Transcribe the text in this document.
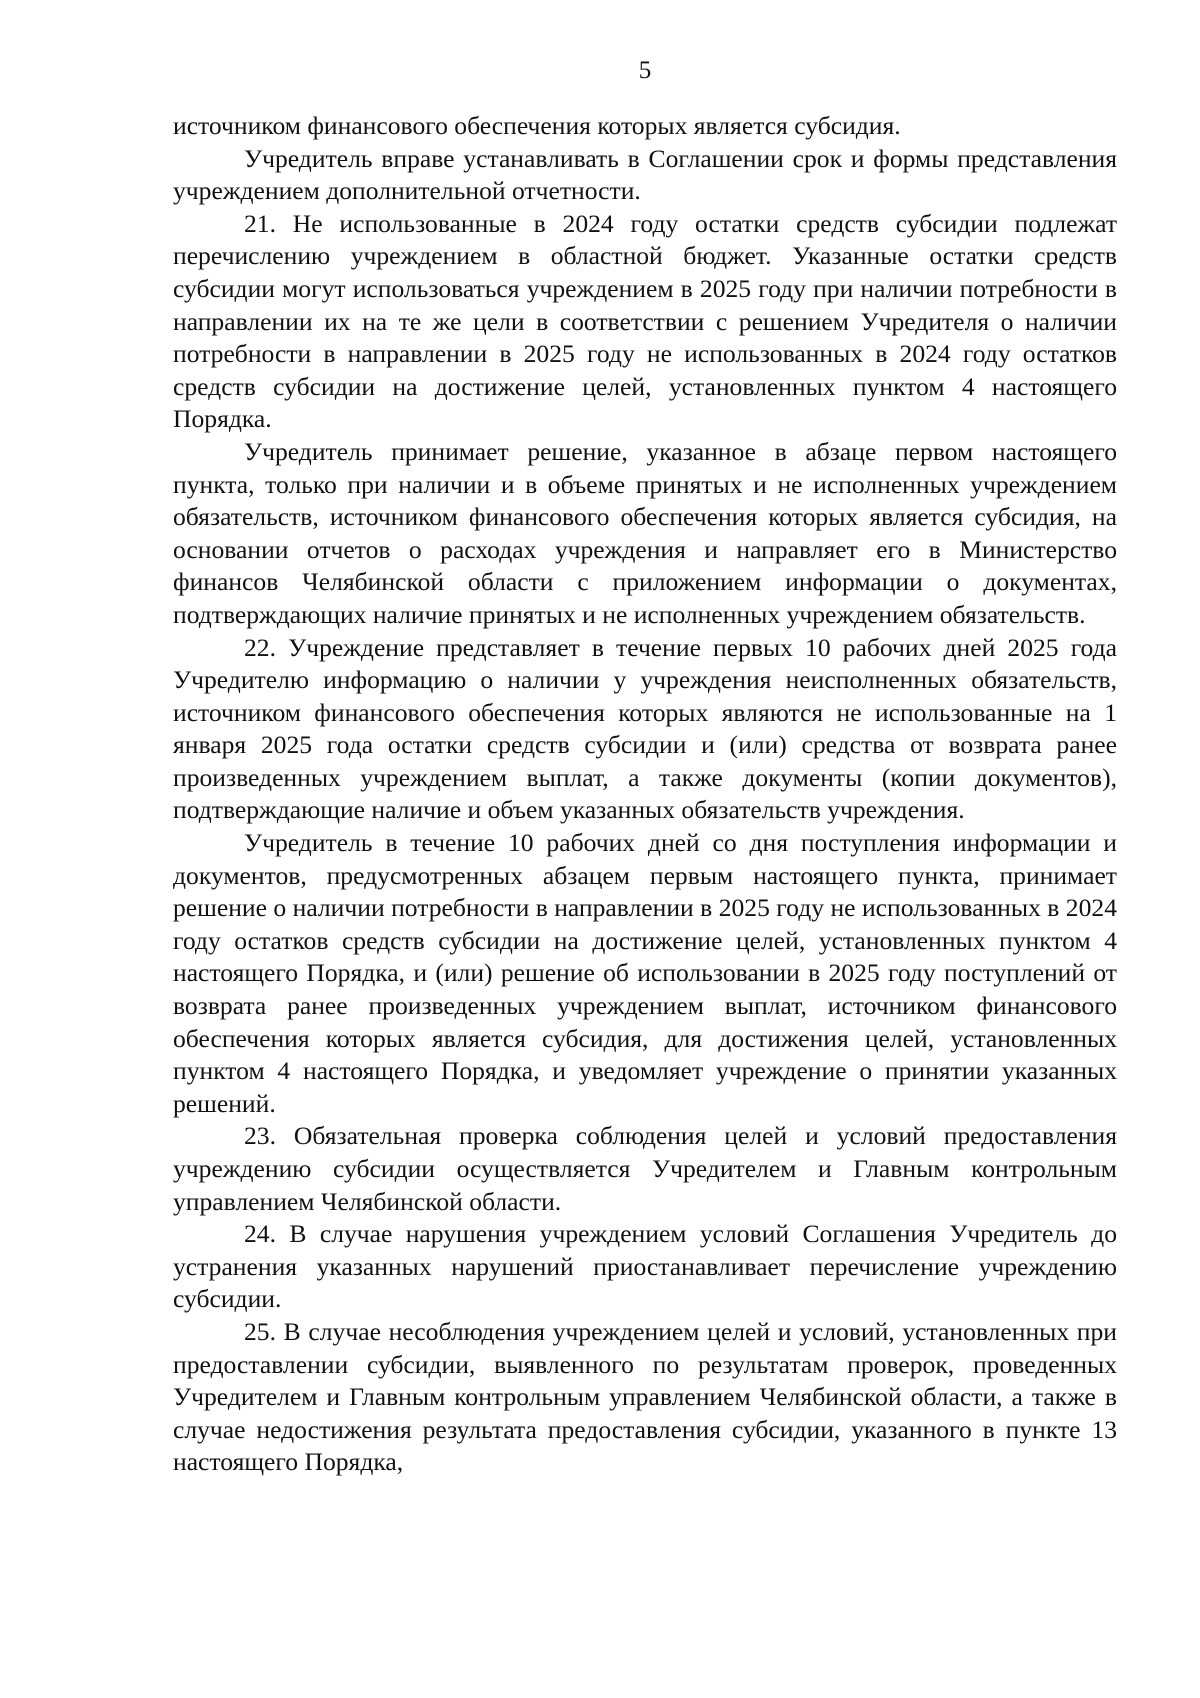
5

источником финансового обеспечения которых является субсидия.

Учредитель вправе устанавливать в Соглашении срок и формы представления учреждением дополнительной отчетности.

21. Не использованные в 2024 году остатки средств субсидии подлежат перечислению учреждением в областной бюджет. Указанные остатки средств субсидии могут использоваться учреждением в 2025 году при наличии потребности в направлении их на те же цели в соответствии с решением Учредителя о наличии потребности в направлении в 2025 году не использованных в 2024 году остатков средств субсидии на достижение целей, установленных пунктом 4 настоящего Порядка.

Учредитель принимает решение, указанное в абзаце первом настоящего пункта, только при наличии и в объеме принятых и не исполненных учреждением обязательств, источником финансового обеспечения которых является субсидия, на основании отчетов о расходах учреждения и направляет его в Министерство финансов Челябинской области с приложением информации о документах, подтверждающих наличие принятых и не исполненных учреждением обязательств.

22. Учреждение представляет в течение первых 10 рабочих дней 2025 года Учредителю информацию о наличии у учреждения неисполненных обязательств, источником финансового обеспечения которых являются не использованные на 1 января 2025 года остатки средств субсидии и (или) средства от возврата ранее произведенных учреждением выплат, а также документы (копии документов), подтверждающие наличие и объем указанных обязательств учреждения.

Учредитель в течение 10 рабочих дней со дня поступления информации и документов, предусмотренных абзацем первым настоящего пункта, принимает решение о наличии потребности в направлении в 2025 году не использованных в 2024 году остатков средств субсидии на достижение целей, установленных пунктом 4 настоящего Порядка, и (или) решение об использовании в 2025 году поступлений от возврата ранее произведенных учреждением выплат, источником финансового обеспечения которых является субсидия, для достижения целей, установленных пунктом 4 настоящего Порядка, и уведомляет учреждение о принятии указанных решений.

23. Обязательная проверка соблюдения целей и условий предоставления учреждению субсидии осуществляется Учредителем и Главным контрольным управлением Челябинской области.

24. В случае нарушения учреждением условий Соглашения Учредитель до устранения указанных нарушений приостанавливает перечисление учреждению субсидии.

25. В случае несоблюдения учреждением целей и условий, установленных при предоставлении субсидии, выявленного по результатам проверок, проведенных Учредителем и Главным контрольным управлением Челябинской области, а также в случае недостижения результата предоставления субсидии, указанного в пункте 13 настоящего Порядка,
